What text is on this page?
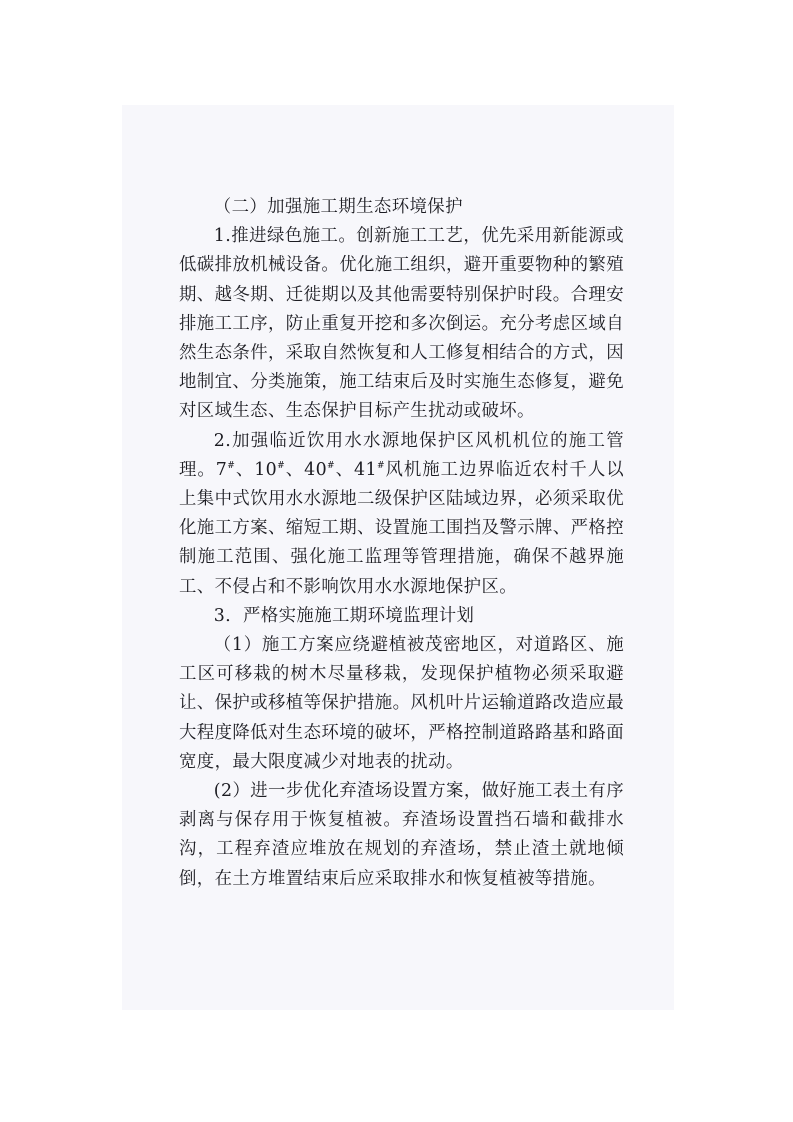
（二）加强施工期生态环境保护

1.推进绿色施工。创新施工工艺，优先采用新能源或低碳排放机械设备。优化施工组织，避开重要物种的繁殖期、越冬期、迁徙期以及其他需要特别保护时段。合理安排施工工序，防止重复开挖和多次倒运。充分考虑区域自然生态条件，采取自然恢复和人工修复相结合的方式，因地制宜、分类施策，施工结束后及时实施生态修复，避免对区域生态、生态保护目标产生扰动或破坏。

2.加强临近饮用水水源地保护区风机机位的施工管理。7#、10#、40#、41#风机施工边界临近农村千人以上集中式饮用水水源地二级保护区陆域边界，必须采取优化施工方案、缩短工期、设置施工围挡及警示牌、严格控制施工范围、强化施工监理等管理措施，确保不越界施工、不侵占和不影响饮用水水源地保护区。

3．严格实施施工期环境监理计划

（1）施工方案应绕避植被茂密地区，对道路区、施工区可移栽的树木尽量移栽，发现保护植物必须采取避让、保护或移植等保护措施。风机叶片运输道路改造应最大程度降低对生态环境的破坏，严格控制道路路基和路面宽度，最大限度减少对地表的扰动。

(2）进一步优化弃渣场设置方案，做好施工表土有序剥离与保存用于恢复植被。弃渣场设置挡石墙和截排水沟，工程弃渣应堆放在规划的弃渣场，禁止渣土就地倾倒，在土方堆置结束后应采取排水和恢复植被等措施。
